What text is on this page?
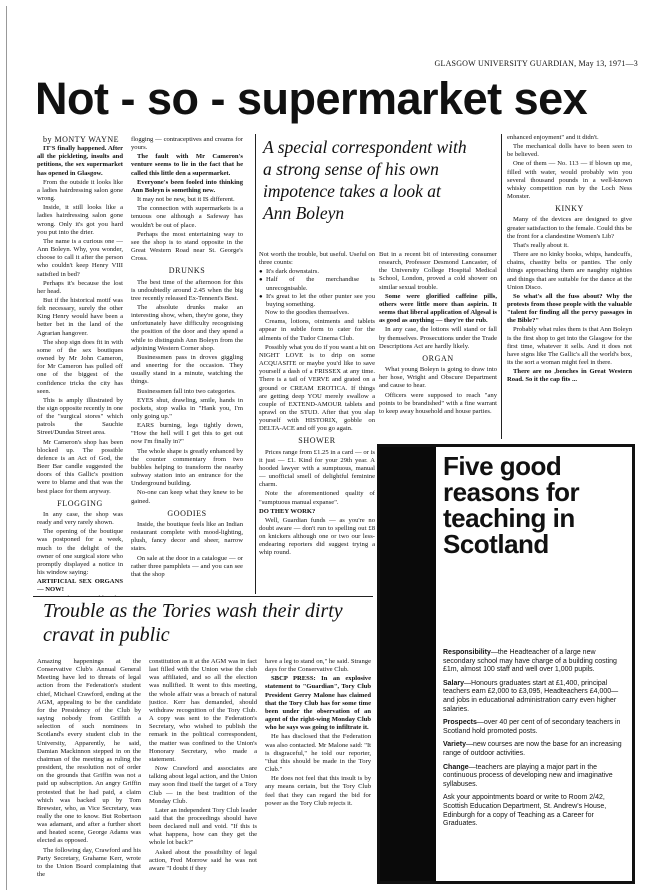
GLASGOW UNIVERSITY GUARDIAN, May 13, 1971—3
Not - so - supermarket sex

by MONTY WAYNE

IT'S finally happened. After all the pickleting, insults and petitions, the sex supermarket has opened in Glasgow.

From the outside it looks like a ladies hairdressing salon gone wrong.

Inside, it still looks like a ladies hairdressing salon gone wrong. Only it's got you hard you put into the drier.

The name is a curious one — Ann Boleyn. Why, you wonder, choose to call it after the person who couldn't keep Henry VIII satisfied in bed?

Perhaps it's because the lost her head.

But if the historical motif was felt necessary, surely the other King Henry would have been a better bet in the land of the Agrarian hangover.

The shop sign does fit in with some of the sex boutiques owned by Mr John Cameron, for Mr Cameron has pulled off one of the biggest of the confidence tricks the city has seen.

This is amply illustrated by the sign opposite recently in one of the "surgical stores" which patrols the Sauchie Street/Dundas Street area.

Mr Cameron's shop has been blocked up. The possible defence is an Act of God, the Beer Bar candle suggested the doors of this Gallic's position were to blame and that was the best place for them anyway.

FLOGGING

In any case, the shop was ready and very rarely shown.

The opening of the boutique was postponed for a week, much to the delight of the owner of one surgical store who promptly displayed a notice in his window saying:

ARTIFICIAL SEX ORGANS — NOW!

flogging — contraceptives and creams for yours.

The fault with Mr Cameron's venture seems to lie in the fact that he called this little den a supermarket.

Everyone's been fooled into thinking Ann Boleyn is something new.

It may not be new, but it IS different.

The connection with supermarkets is a tenuous one although a Safeway has wouldn't be out of place.

Perhaps the most entertaining way to see the shop is to stand opposite in the Great Western Road near St. George's Cross.

DRUNKS

The best time of the afternoon for this is undoubtedly around 2.45 when the big tree recently released Ex-Tennent's Best.

The absolute drunks make an interesting show, when, they're gone, they unfortunately have difficulty recognising the position of the door and they spend a while to distinguish Ann Boleyn from the adjoining Western Corner shop.

Businessmen pass in droves giggling and sneering for the occasion. They usually stand in a minute, watching the things.

Businessmen fall into two categories.

EYES shut, drawling, smile, hands in pockets, stop walks in "Hank you, I'm only going up."

EARS burning, legs tightly down, "How the hell will I get this to get out now I'm finally in?"

The whole shape is greatly enhanced by the counter commentary from two bubbles helping to transform the nearby subway station into an entrance for the Underground building.

No-one can keep what they knew to be gained.

GOODIES

Inside, the boutique feels like an Indian restaurant complete with mood-lighting, plush, fancy decor and sheer, narrow stairs.

On sale at the door in a catalogue — or rather three pamphlets — and you can see that the shop

A special correspondent with a strong sense of his own impotence takes a look at Ann Boleyn

Not worth the trouble, but useful. Useful on three counts:

● It's dark downstairs.
● Half of the merchandise is unrecognisable.
● It's great to let the other punter see you buying something.

Now to the goodies themselves.

Creams, lotions, ointments and tablets appear in subtle form to cater for the ailments of the Tudor Cinema Club.

Possibly what you do if you want a hit on NIGHT LOVE is to drip on some ACQUASITE or maybe you'd like to save yourself a dash of a FRISSEX at any time. There is a tail of VERVE and grated on a ground or CREAM EROTICA. If things are getting deep YOU merely swallow a couple of EXTEND-AMOUR tablets and sprawl on the STUD. After that you slap yourself with HISTORIX, gobble on DELTA-ACE and off you go again.

SHOWER

Prices range from £1.25 in a card — or is it just — £1. Kind for your 29th year. A hooded lawyer with a sumptuous, manual — unofficial smell of delightful feminine charm.

Note the aforementioned quality of "sumptuous manual expanse".

DO THEY WORK?

Well, Guardian funds — as you're no doubt aware — don't run to spelling out £8 on knickers although one or two our less-endearing reporters did suggest trying a whip round.

But in a recent bit of interesting consumer research, Professor Desmond Lancaster, of the University College Hospital Medical School, London, proved a cold shower on similar sexual trouble.

Some were glorified caffeine pills, others were little more than aspirin. It seems that liberal application of Algesal is as good as anything — they're the rub.

In any case, the lotions will stand or fall by themselves. Prosecutions under the Trade Descriptions Act are hardly likely.

ORGAN

What young Boleyn is going to draw into her hose, Wright and Obscure Department and cause to hear.

Officers were supposed to reach "any points to be brandished" with a fine warrant to keep away household and house parties.

enhanced enjoyment" and it didn't.

The mechanical dolls have to been seen to be believed.

One of them — No. 113 — if blown up me, filled with water, would probably win you several thousand pounds in a well-known whisky competition run by the Loch Ness Monster.

KINKY

Many of the devices are designed to give greater satisfaction to the female. Could this be the front for a clandestine Women's Lib?

That's really about it.

There are no kinky books, whips, handcuffs, chains, chastity belts or panties. The only things approaching them are naughty nighties and things that are suitable for the dance at the Union Disco.

So what's all the fuss about? Why the protests from those people with the valuable "talent for finding all the pervy passages in the Bible?"

Probably what rules them is that Ann Boleyn is the first shop to get into the Glasgow for the first time, whatever it sells. And it does not have signs like The Gallic's all the world's box, its the sort a woman might feel in there.

There are no ,benches in Great Western Road. So it the cap fits ...

Five good reasons for teaching in Scotland

Responsibility—the Headteacher of a large new secondary school may have charge of a building costing £1m, almost 100 staff and well over 1,000 pupils.

Salary—Honours graduates start at £1,400, principal teachers earn £2,000 to £3,095, Headteachers £4,000—and jobs in educational administration carry even higher salaries.

Prospects—over 40 per cent of of secondary teachers in Scotland hold promoted posts.

Variety—new courses are now the base for an increasing range of outdoor activities.

Change—teachers are playing a major part in the continuous process of developing new and imaginative syllabuses.

Ask your appointments board or write to Room 2/42, Scottish Education Department, St. Andrew's House, Edinburgh for a copy of Teaching as a Career for Graduates.

Trouble as the Tories wash their dirty cravat in public

Amazing happenings at the Conservative Club's Annual General Meeting have led to threats of legal action from the Federation's student chief, Michael Crawford, ending at the AGM, appealing to be the candidate for the Presidency of the Club by saying nobody from Griffith a selection of such nominees in Scotland's every student club in the University, Apparently, he said, Damian Mackinnon stepped in on the chairman of the meeting as ruling the president, the resolution not of order on the grounds that Griffin was not a paid up subscription. An angry Griffin protested that he had paid, a claim which was backed up by Tom Brewster, who, as Vice Secretary, was really the one to know. But Robertson was adamant, and after a further short and heated scene, George Adams was elected as opposed.

The following day, Crawford and his Party Secretary, Grahame Kerr, wrote to the Union Board complaining that the

constitution as it at the AGM was in fact last filled with the Union wise the club was affiliated, and so all the election was nullified. It went to this meeting, the whole affair was a breach of natural justice. Kerr has demanded, should withdraw recognition of the Tory Club. A copy was sent to the Federation's Secretary, who wished to publish the remark in the political correspondent, the matter was confined to the Union's Honorary Secretary, who made a statement.

Now Crawford and associates are talking about legal action, and the Union may soon find itself the target of a Tory Club — in the best tradition of the Monday Club.

Later an independent Tory Club leader said that the proceedings should have been declared null and void. "If this is what happens, how can they get the whole lot back?"

Asked about the possibility of legal action, Fred Morrow said he was not aware "I doubt if they

have a leg to stand on," he said. Strange days for the Conservative Club.

SBCP PRESS: In an explosive statement to "Guardian", Tory Club President Gerry Malone has claimed that the Tory Club has for some time been under the observation of an agent of the right-wing Monday Club who he says was going to infiltrate it.

He has disclosed that the Federation was also contacted. Mr Malone said: "It is disgraceful," he told our reporter, "that this should be made in the Tory Club."

He does not feel that this insult is by any means certain, but the Tory Club feel that they can regard the bid for power as the Tory Club rejects it.
